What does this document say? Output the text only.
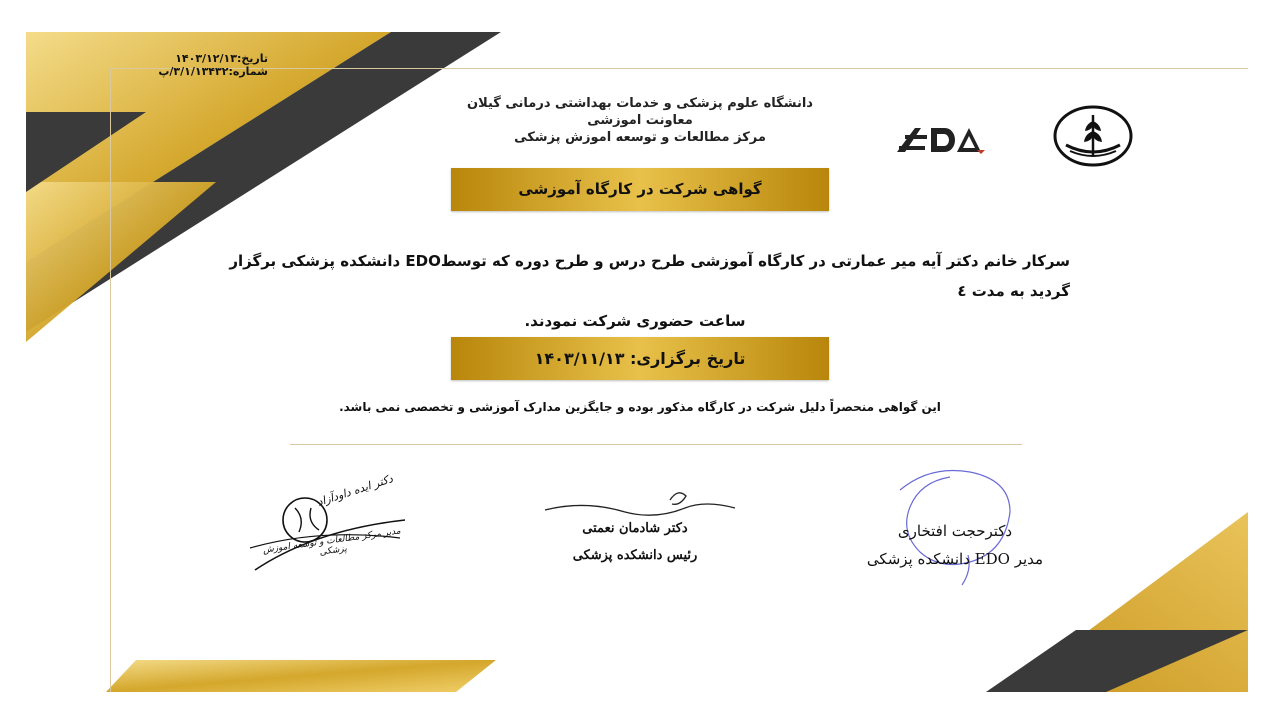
تاریخ:۱۴۰۳/۱۲/۱۳
شماره:۳/۱/۱۳۴۳۲/پ
دانشگاه علوم پزشکی و خدمات بهداشتی درمانی گیلان
معاونت اموزشی
مرکز مطالعات و توسعه اموزش پزشکی
گواهی شرکت در کارگاه آموزشی
سرکار خانم دکتر آیه میر عمارتی در کارگاه آموزشی طرح درس و طرح دوره که توسطEDO دانشکده پزشکی برگزار گردید به مدت ٤
ساعت حضوری شرکت نمودند.
تاریخ برگزاری: ۱۴۰۳/۱۱/۱۳
این گواهی منحصراً دلیل شرکت در کارگاه مذکور بوده و جایگزین مدارک آموزشی و تخصصی نمی باشد.
دکترحجت افتخاری
مدیر EDO دانشکده پزشکی
دکتر شادمان نعمتی
رئیس دانشکده پزشکی
دکتر ایده داودآزاد
مدیر مرکز مطالعات و توسعه اموزش پزشکی
